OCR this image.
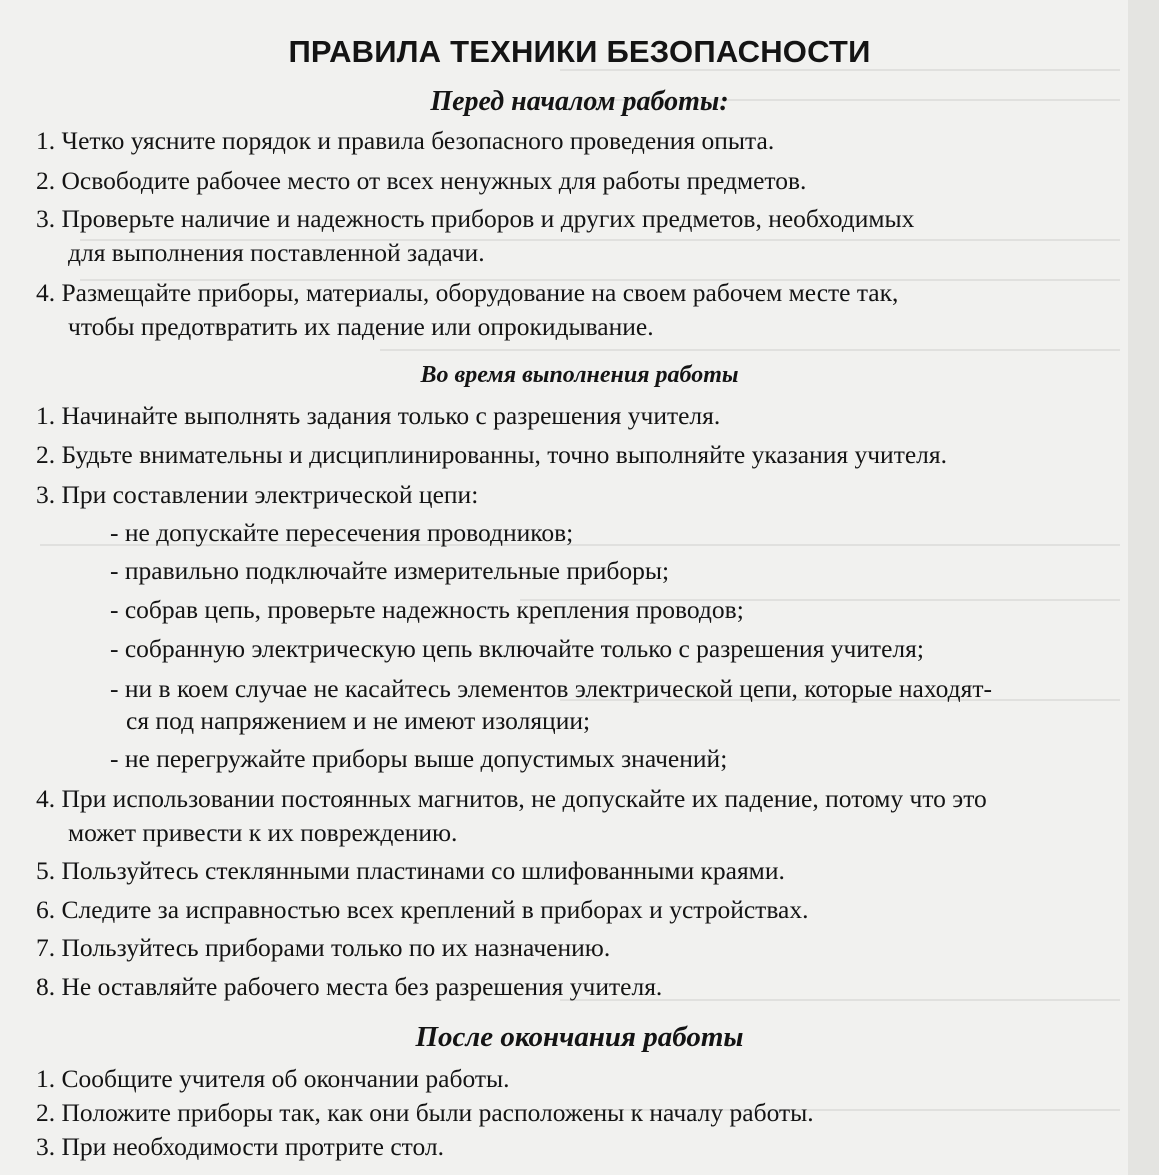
ПРАВИЛА ТЕХНИКИ БЕЗОПАСНОСТИ
Перед началом работы:
1. Четко уясните порядок и правила безопасного проведения опыта.
2. Освободите рабочее место от всех ненужных для работы предметов.
3. Проверьте наличие и надежность приборов и других предметов, необходимых
для выполнения поставленной задачи.
4. Размещайте приборы, материалы, оборудование на своем рабочем месте так,
чтобы предотвратить их падение или опрокидывание.
Во время выполнения работы
1. Начинайте выполнять задания только с разрешения учителя.
2. Будьте внимательны и дисциплинированны, точно выполняйте указания учителя.
3. При составлении электрической цепи:
- не допускайте пересечения проводников;
- правильно подключайте измерительные приборы;
- собрав цепь, проверьте надежность крепления проводов;
- собранную электрическую цепь включайте только с разрешения учителя;
- ни в коем случае не касайтесь элементов электрической цепи, которые находят-
ся под напряжением и не имеют изоляции;
- не перегружайте приборы выше допустимых значений;
4. При использовании постоянных магнитов, не допускайте их падение, потому что это
может привести к их повреждению.
5. Пользуйтесь стеклянными пластинами со шлифованными краями.
6. Следите за исправностью всех креплений в приборах и устройствах.
7. Пользуйтесь приборами только по их назначению.
8. Не оставляйте рабочего места без разрешения учителя.
После окончания работы
1. Сообщите учителя об окончании работы.
2. Положите приборы так, как они были расположены к началу работы.
3. При необходимости протрите стол.
